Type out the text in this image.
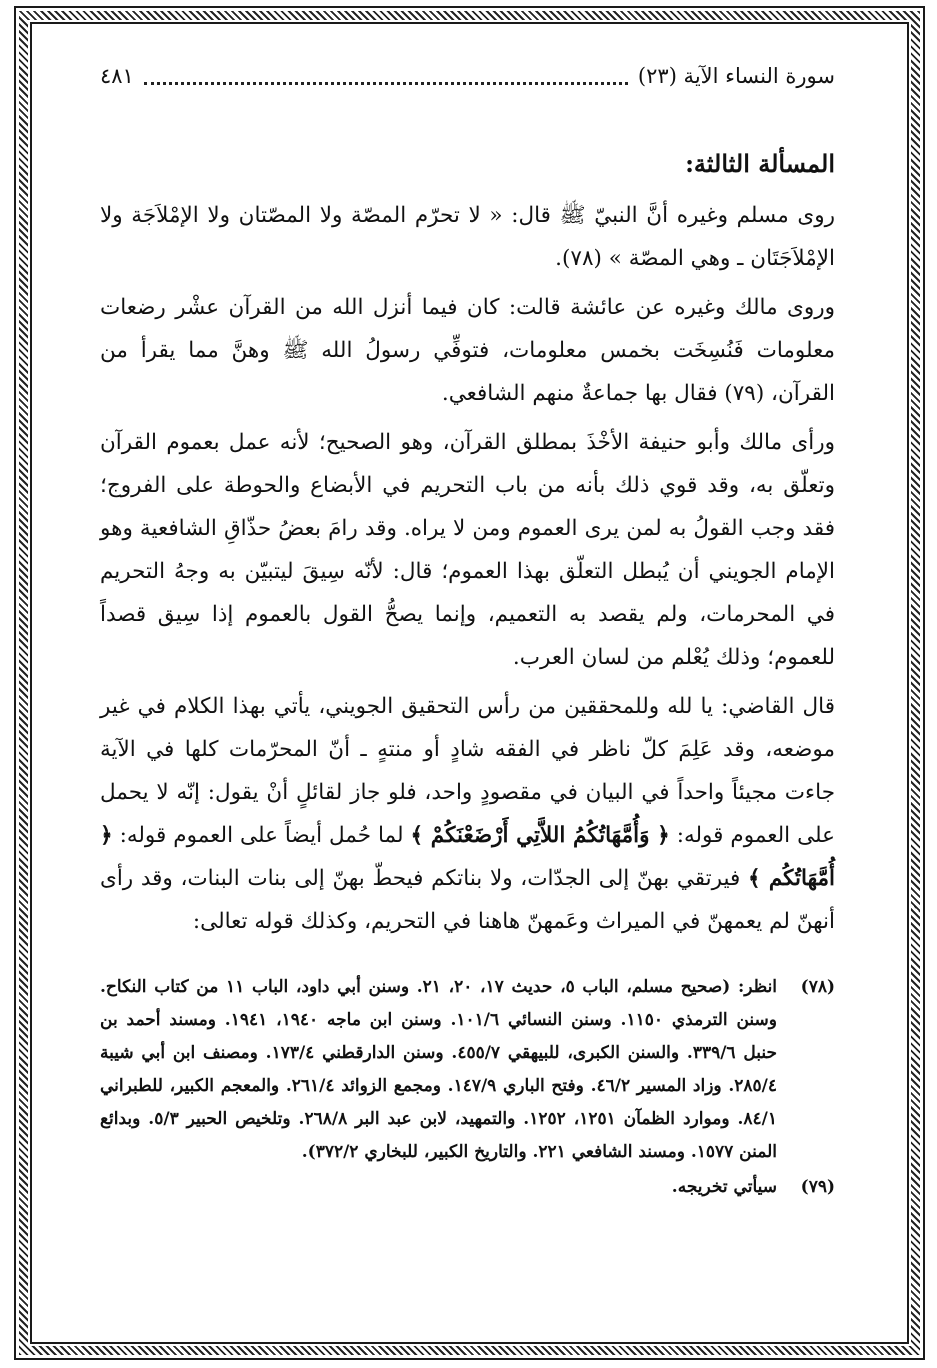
سورة النساء الآية (٢٣)
٤٨١
المسألة الثالثة:

روى مسلم وغيره أنَّ النبيّ ﷺ قال: « لا تحرّم المصّة ولا المصّتان ولا الإمْلاَجَة ولا الإمْلاَجَتَان ـ وهي المصّة » (٧٨).

وروى مالك وغيره عن عائشة قالت: كان فيما أنزل الله من القرآن عشْر رضعات معلومات فَنُسِخَت بخمس معلومات، فتوفِّي رسولُ الله ﷺ وهنَّ مما يقرأ من القرآن، (٧٩) فقال بها جماعةٌ منهم الشافعي.

ورأى مالك وأبو حنيفة الأخْذَ بمطلق القرآن، وهو الصحيح؛ لأنه عمل بعموم القرآن وتعلّق به، وقد قوي ذلك بأنه من باب التحريم في الأبضاع والحوطة على الفروج؛ فقد وجب القولُ به لمن يرى العموم ومن لا يراه. وقد رامَ بعضُ حذّاقِ الشافعية وهو الإمام الجويني أن يُبطل التعلّق بهذا العموم؛ قال: لأنّه سِيقَ ليتبيّن به وجهُ التحريم في المحرمات، ولم يقصد به التعميم، وإنما يصحُّ القول بالعموم إذا سِيق قصداً للعموم؛ وذلك يُعْلم من لسان العرب.

قال القاضي: يا لله وللمحققين من رأس التحقيق الجويني، يأتي بهذا الكلام في غير موضعه، وقد عَلِمَ كلّ ناظر في الفقه شادٍ أو منتهٍ ـ أنّ المحرّمات كلها في الآية جاءت مجيئاً واحداً في البيان في مقصودٍ واحد، فلو جاز لقائلٍ أنْ يقول: إنّه لا يحمل على العموم قوله: ﴿ وَأُمَّهَاتُكُمُ اللاَّتِي أَرْضَعْنَكُمْ ﴾ لما حُمل أيضاً على العموم قوله: ﴿ أُمَّهَاتُكُم ﴾ فيرتقي بهنّ إلى الجدّات، ولا بناتكم فيحطّ بهنّ إلى بنات البنات، وقد رأى أنهنّ لم يعمهنّ في الميراث وعَمهنّ هاهنا في التحريم، وكذلك قوله تعالى:

(٧٨)
انظر: (صحيح مسلم، الباب ٥، حديث ١٧، ٢٠، ٢١. وسنن أبي داود، الباب ١١ من كتاب النكاح. وسنن الترمذي ١١٥٠. وسنن النسائي ١٠١/٦. وسنن ابن ماجه ١٩٤٠، ١٩٤١. ومسند أحمد بن حنبل ٣٣٩/٦. والسنن الكبرى، للبيهقي ٤٥٥/٧. وسنن الدارقطني ١٧٣/٤. ومصنف ابن أبي شيبة ٢٨٥/٤. وزاد المسير ٤٦/٢. وفتح الباري ١٤٧/٩. ومجمع الزوائد ٢٦١/٤. والمعجم الكبير، للطبراني ٨٤/١. وموارد الظمآن ١٢٥١، ١٢٥٢. والتمهيد، لابن عبد البر ٢٦٨/٨. وتلخيص الحبير ٥/٣. وبدائع المنن ١٥٧٧. ومسند الشافعي ٢٢١. والتاريخ الكبير، للبخاري ٣٧٢/٢).
(٧٩)
سيأتي تخريجه.
